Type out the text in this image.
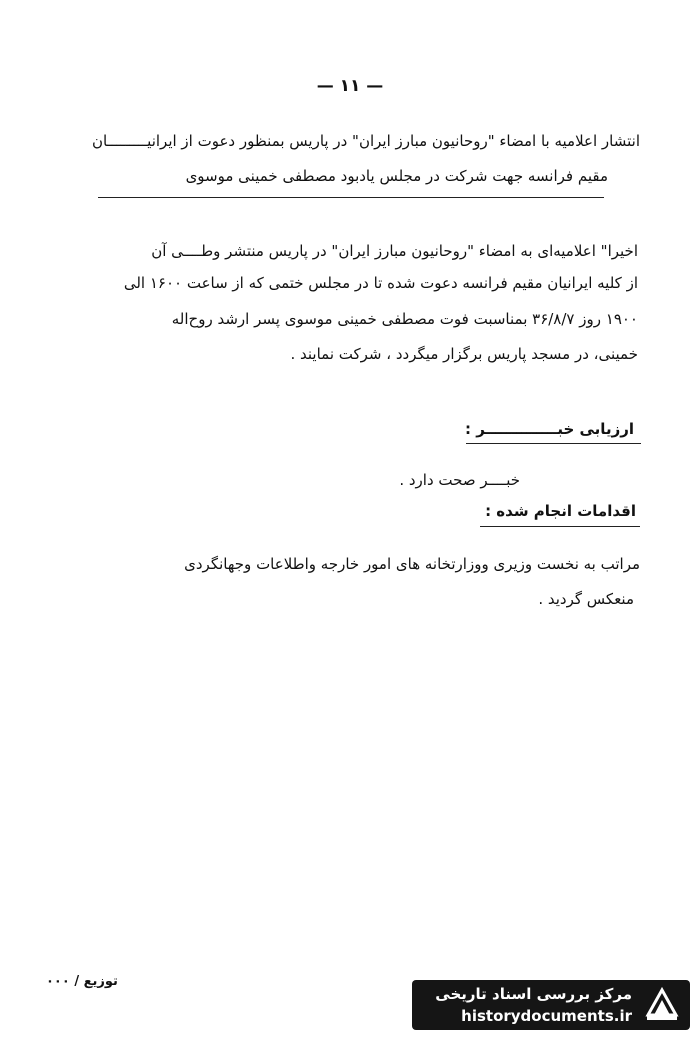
— ۱۱ —
انتشار اعلامیه‌ با امضاء "روحانیون‌ مبارز ایران" در پاریس بمنظور دعوت از ایرانیـــــــــان
مقیم فرانسه جهت شرکت در مجلس یادبود مصطفی خمینی موسوی
اخیرا" اعلامیه‌ای به امضاء "روحانیون‌ مبارز ایران" در پاریس منتشر وطــــی آن
از کلیه ایرانیان مقیم فرانسه دعوت شده تا در مجلس ختمی که از ساعت ۱۶۰۰ الی
۱۹۰۰ روز ۳۶/۸/۷ بمناسبت فوت مصطفی خمینی موسوی پسر ارشد روح‌اله
خمینی، در مسجد پاریس برگزار میگردد ، شرکت نمایند .
ارزیابی خبــــــــــــــر :
خبــــر صحت دارد .
اقدامات انجام شده :
مراتب به نخست وزیری ووزارتخانه های امور خارجه واطلاعات وجهانگردی
منعکس گردید .
توزیع / ۰۰۰
مرکز بررسی اسناد تاریخی
historydocuments.ir
